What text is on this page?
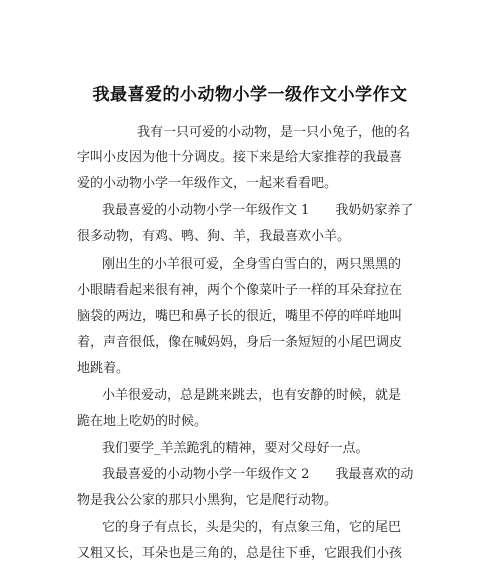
我最喜爱的小动物小学一级作文小学作文
我有一只可爱的小动物，是一只小兔子，他的名
字叫小皮因为他十分调皮。接下来是给大家推荐的我最喜
爱的小动物小学一年级作文，一起来看看吧。
我最喜爱的小动物小学一年级作文 1　　我奶奶家养了
很多动物，有鸡、鸭、狗、羊，我最喜欢小羊。
刚出生的小羊很可爱，全身雪白雪白的，两只黑黑的
小眼睛看起来很有神，两个个像菜叶子一样的耳朵耷拉在
脑袋的两边，嘴巴和鼻子长的很近，嘴里不停的咩咩地叫
着，声音很低，像在喊妈妈，身后一条短短的小尾巴调皮
地跳着。
小羊很爱动，总是跳来跳去，也有安静的时候，就是
跪在地上吃奶的时候。
我们要学_羊羔跪乳的精神，要对父母好一点。
我最喜爱的小动物小学一年级作文 2　　我最喜欢的动
物是我公公家的那只小黑狗，它是爬行动物。
它的身子有点长，头是尖的，有点象三角，它的尾巴
又粗又长，耳朵也是三角的，总是往下垂，它跟我们小孩
